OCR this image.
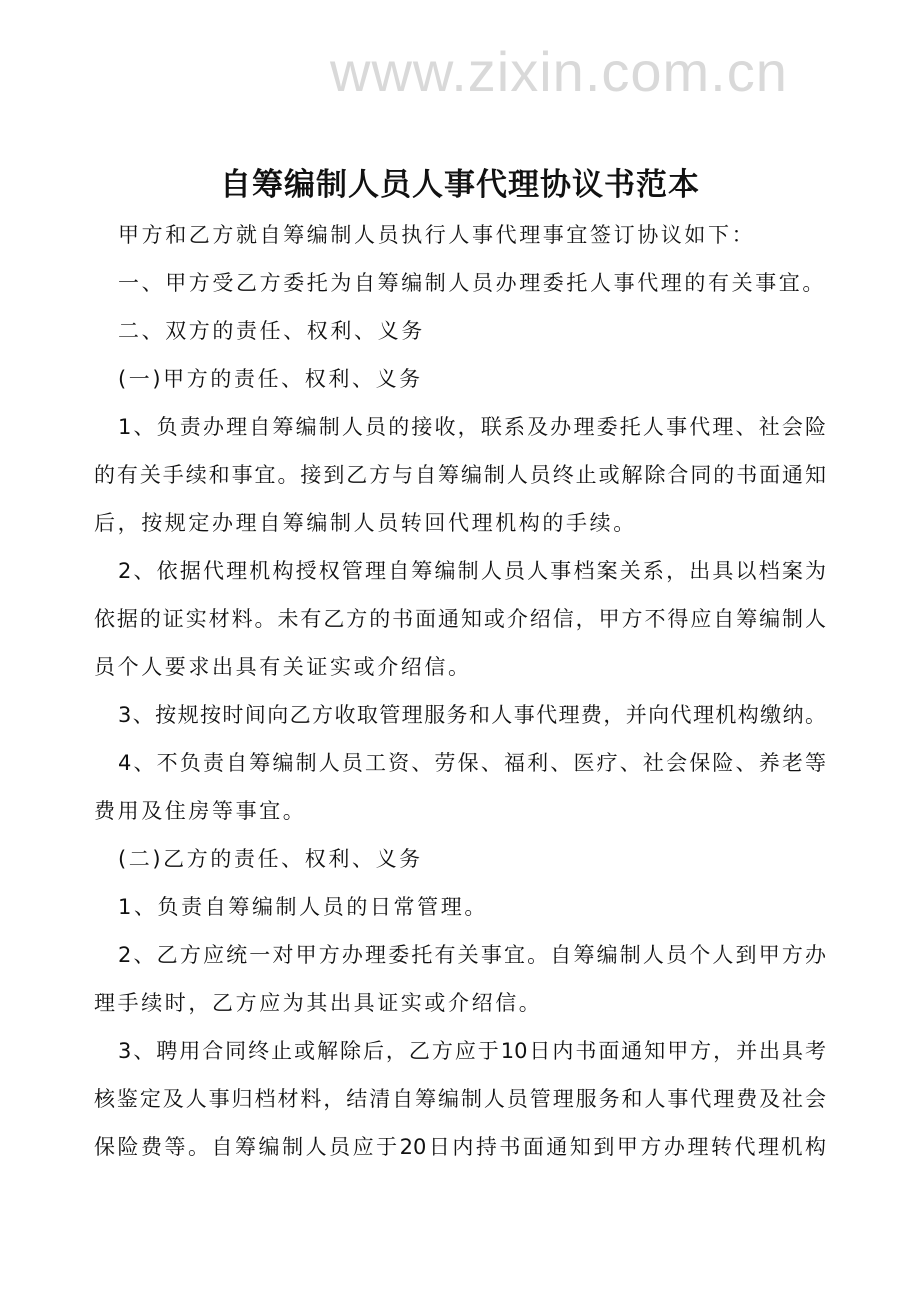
www.zixin.com.cn
自筹编制人员人事代理协议书范本
甲方和乙方就自筹编制人员执行人事代理事宜签订协议如下：
一、甲方受乙方委托为自筹编制人员办理委托人事代理的有关事宜。
二、双方的责任、权利、义务
(一)甲方的责任、权利、义务
1、负责办理自筹编制人员的接收，联系及办理委托人事代理、社会险
的有关手续和事宜。接到乙方与自筹编制人员终止或解除合同的书面通知
后，按规定办理自筹编制人员转回代理机构的手续。
2、依据代理机构授权管理自筹编制人员人事档案关系，出具以档案为
依据的证实材料。未有乙方的书面通知或介绍信，甲方不得应自筹编制人
员个人要求出具有关证实或介绍信。
3、按规按时间向乙方收取管理服务和人事代理费，并向代理机构缴纳。
4、不负责自筹编制人员工资、劳保、福利、医疗、社会保险、养老等
费用及住房等事宜。
(二)乙方的责任、权利、义务
1、负责自筹编制人员的日常管理。
2、乙方应统一对甲方办理委托有关事宜。自筹编制人员个人到甲方办
理手续时，乙方应为其出具证实或介绍信。
3、聘用合同终止或解除后，乙方应于10日内书面通知甲方，并出具考
核鉴定及人事归档材料，结清自筹编制人员管理服务和人事代理费及社会
保险费等。自筹编制人员应于20日内持书面通知到甲方办理转代理机构
